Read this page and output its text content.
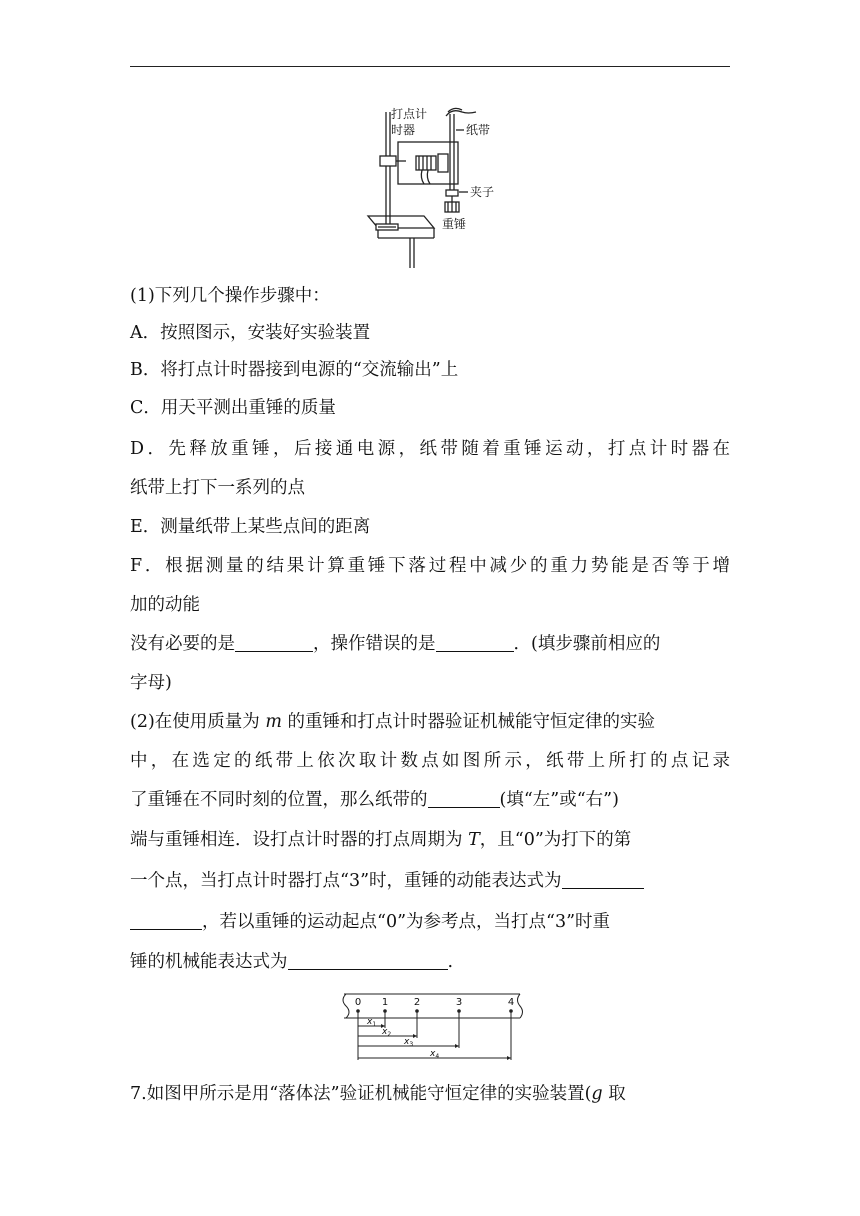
打点计
时器	纸带
夹子
重锤
(1)下列几个操作步骤中：
A．按照图示，安装好实验装置
B．将打点计时器接到电源的“交流输出”上
C．用天平测出重锤的质量
D．先释放重锤，后接通电源，纸带随着重锤运动，打点计时器在
纸带上打下一系列的点
E．测量纸带上某些点间的距离
F．根据测量的结果计算重锤下落过程中减少的重力势能是否等于增
加的动能
没有必要的是	，操作错误的是	．(填步骤前相应的
字母)
(2)在使用质量为 m 的重锤和打点计时器验证机械能守恒定律的实验
中，在选定的纸带上依次取计数点如图所示，纸带上所打的点记录
了重锤在不同时刻的位置，那么纸带的	(填“左”或“右”)
端与重锤相连．设打点计时器的打点周期为 T，且“0”为打下的第
一个点，当打点计时器打点“3”时，重锤的动能表达式为
，若以重锤的运动起点“0”为参考点，当打点“3”时重
锤的机械能表达式为	.
0 1	2	3	4
$x_1$
$x_2$
$x_3$
$x_4$
7.如图甲所示是用“落体法”验证机械能守恒定律的实验装置(g 取
